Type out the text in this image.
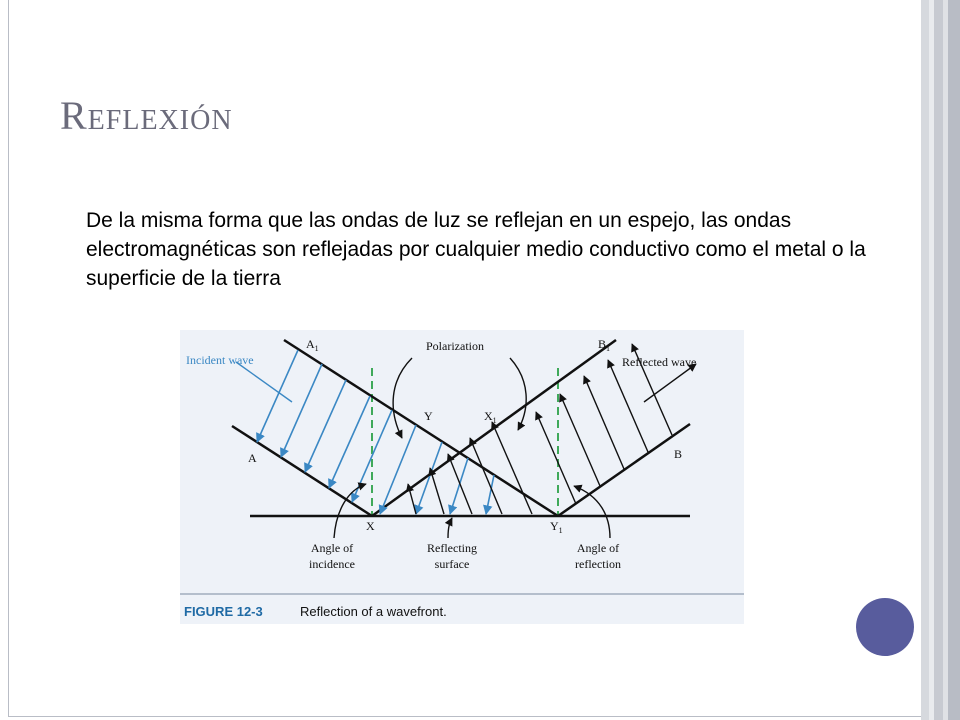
Reflexión

De la misma forma que las ondas de luz se reflejan en un espejo, las ondas electromagnéticas son reflejadas por cualquier medio conductivo como el metal o la superficie de la tierra

Incident wave	Reflected wave
Polarization
$A_1$	$B_1$
A	B
Y	$X_1$
X	$Y_1$
Angle of
incidence
Reflecting
surface
Angle of
reflection
FIGURE 12-3	Reflection of a wavefront.
